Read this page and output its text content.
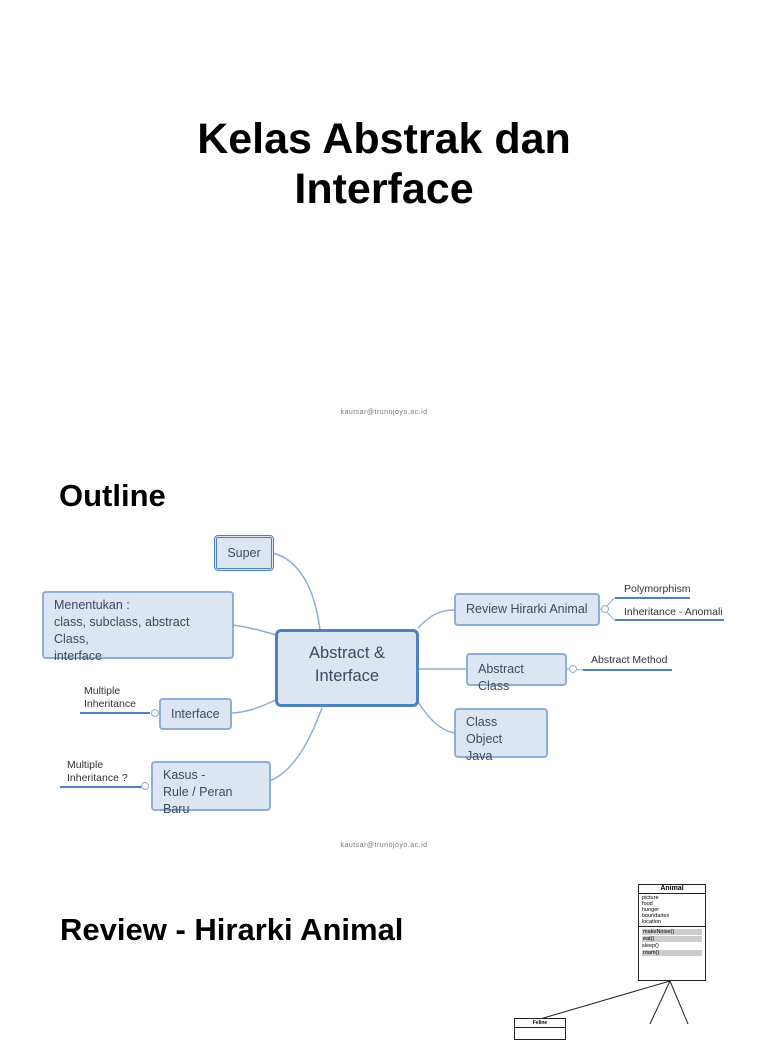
Kelas Abstrak dan
Interface
kautsar@trunojoyo.ac.id
Outline
Super
Menentukan :
class, subclass, abstract Class,
interface
Interface
Kasus -
Rule / Peran Baru
Abstract &
Interface
Review Hirarki Animal
Abstract Class
Class Object
Java
Polymorphism
Inheritance - Anomali
Abstract Method
Multiple
Inheritance
Multiple
Inheritance ?
kautsar@trunojoyo.ac.id
Review - Hirarki Animal
Animal
picture
food
hunger
boundaries
location
makeNoise()
eat()
sleep()
roam()
Feline
